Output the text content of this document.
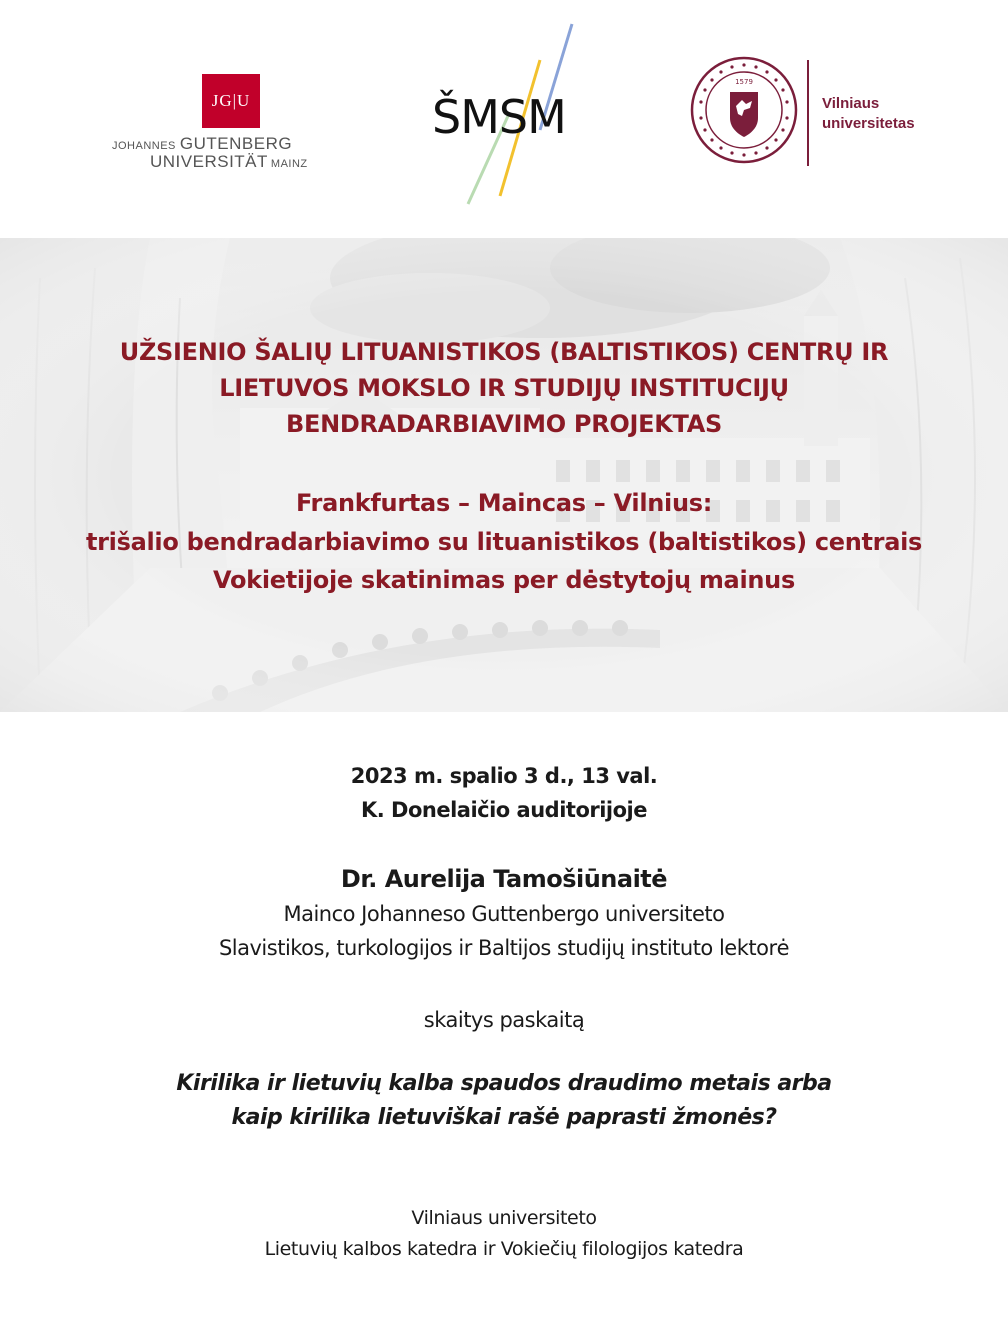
JG|U
JOHANNES GUTENBERG
UNIVERSITÄT MAINZ
ŠMSM
1579
Vilniaus
universitetas
UŽSIENIO ŠALIŲ LITUANISTIKOS (BALTISTIKOS) CENTRŲ IR
LIETUVOS MOKSLO IR STUDIJŲ INSTITUCIJŲ
BENDRADARBIAVIMO PROJEKTAS
Frankfurtas – Maincas – Vilnius:
trišalio bendradarbiavimo su lituanistikos (baltistikos) centrais
Vokietijoje skatinimas per dėstytojų mainus
2023 m. spalio 3 d., 13 val.
K. Donelaičio auditorijoje
Dr. Aurelija Tamošiūnaitė
Mainco Johanneso Guttenbergo universiteto
Slavistikos, turkologijos ir Baltijos studijų instituto lektorė
skaitys paskaitą
Kirilika ir lietuvių kalba spaudos draudimo metais arba
kaip kirilika lietuviškai rašė paprasti žmonės?
Vilniaus universiteto
Lietuvių kalbos katedra ir Vokiečių filologijos katedra
